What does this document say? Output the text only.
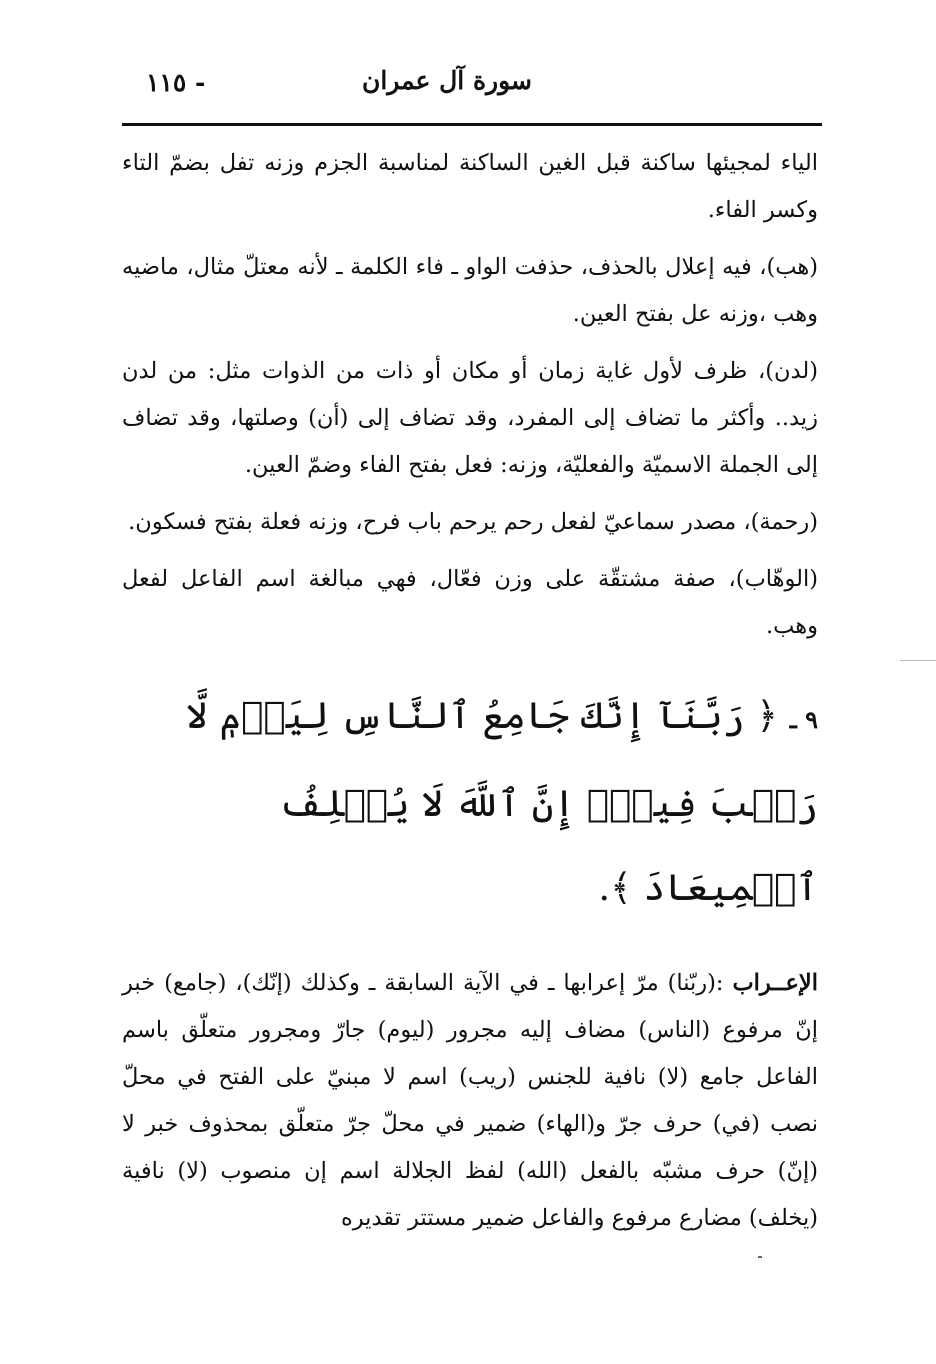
سورة آل عمران
- ١١٥

الياء لمجيئها ساكنة قبل الغين الساكنة لمناسبة الجزم وزنه تفل بضمّ التاء وكسر الفاء.

(هب)، فيه إعلال بالحذف، حذفت الواو ـ فاء الكلمة ـ لأنه معتلّ مثال، ماضيه وهب ،وزنه عل بفتح العين.

(لدن)، ظرف لأول غاية زمان أو مكان أو ذات من الذوات مثل: من لدن زيد.. وأكثر ما تضاف إلى المفرد، وقد تضاف إلى (أن) وصلتها، وقد تضاف إلى الجملة الاسميّة والفعليّة، وزنه: فعل بفتح الفاء وضمّ العين.

(رحمة)، مصدر سماعيّ لفعل رحم يرحم باب فرح، وزنه فعلة بفتح فسكون.

(الوهّاب)، صفة مشتقّة على وزن فعّال، فهي مبالغة اسم الفاعل لفعل وهب.

٩ ـ ﴿ رَبَّنَآ إِنَّكَ جَامِعُ ٱلنَّاسِ لِيَوۡمٖ لَّا رَيۡبَ فِيهِۚ إِنَّ ٱللَّهَ لَا يُخۡلِفُ ٱلۡمِيعَادَ ﴾.

الإعــراب :(ربّنا) مرّ إعرابها ـ في الآية السابقة ـ وكذلك (إنّك)، (جامع) خبر إنّ مرفوع (الناس) مضاف إليه مجرور (ليوم) جارّ ومجرور متعلّق باسم الفاعل جامع (لا) نافية للجنس (ريب) اسم لا مبنيّ على الفتح في محلّ نصب (في) حرف جرّ و(الهاء) ضمير في محلّ جرّ متعلّق بمحذوف خبر لا (إنّ) حرف مشبّه بالفعل (الله) لفظ الجلالة اسم إن منصوب (لا) نافية (يخلف) مضارع مرفوع والفاعل ضمير مستتر تقديره
